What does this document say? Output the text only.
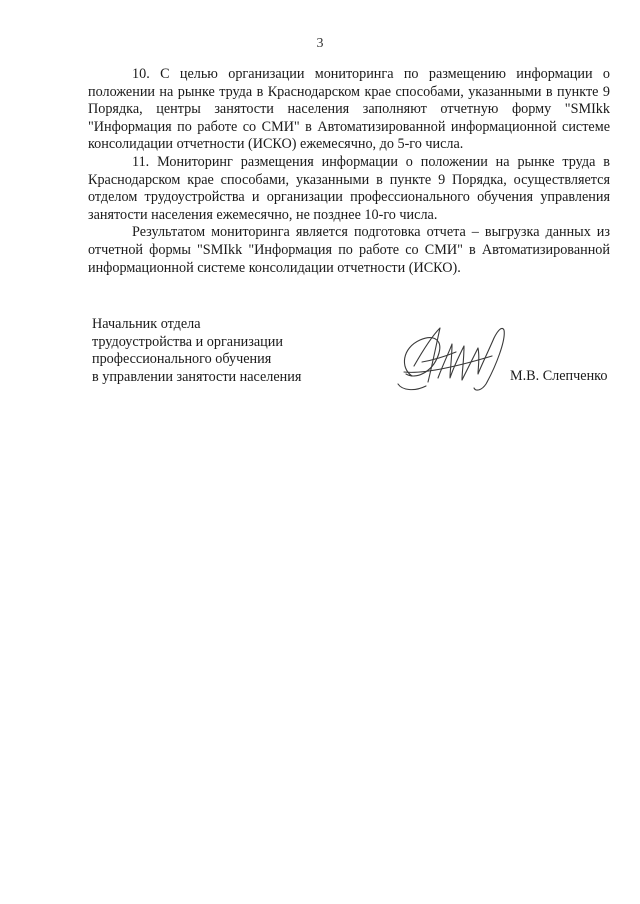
3

10. С целью организации мониторинга по размещению информации о положении на рынке труда в Краснодарском крае способами, указанными в пункте 9 Порядка, центры занятости населения заполняют отчетную форму "SMIkk "Информация по работе со СМИ" в Автоматизированной информационной системе консолидации отчетности (ИСКО) ежемесячно, до 5-го числа.

11. Мониторинг размещения информации о положении на рынке труда в Краснодарском крае способами, указанными в пункте 9 Порядка, осуществляется отделом трудоустройства и организации профессионального обучения управления занятости населения ежемесячно, не позднее 10-го числа.

Результатом мониторинга является подготовка отчета – выгрузка данных из отчетной формы "SMIkk "Информация по работе со СМИ" в Автоматизированной информационной системе консолидации отчетности (ИСКО).

Начальник отдела
трудоустройства и организации
профессионального обучения
в управлении занятости населения	М.В. Слепченко
